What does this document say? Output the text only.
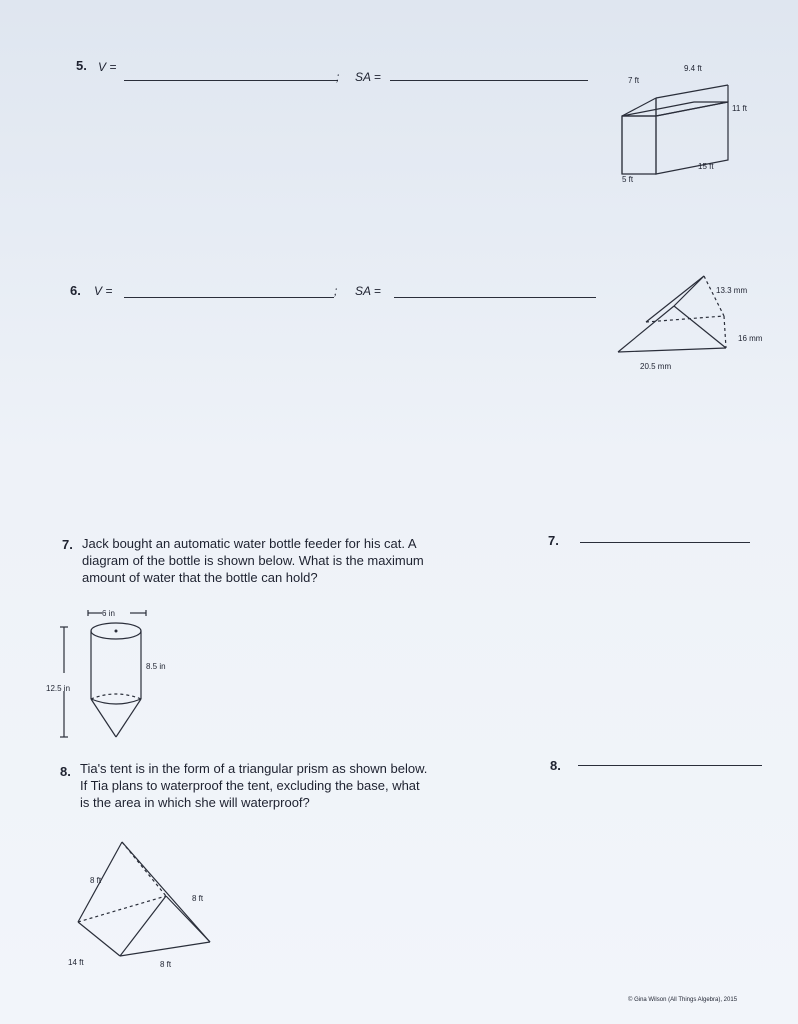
5. V =
; SA =
9.4 ft
7 ft
11 ft
15 ft
5 ft
6. V =	; SA =	13.3 mm
16 mm
20.5 mm
7. Jack bought an automatic water bottle feeder for his cat. A
diagram of the bottle is shown below. What is the maximum
amount of water that the bottle can hold?
7.
6 in
8.5 in
12.5 in
8. Tia's tent is in the form of a triangular prism as shown below.
If Tia plans to waterproof the tent, excluding the base, what
is the area in which she will waterproof?
8.
8 ft
8 ft
14 ft	8 ft
© Gina Wilson (All Things Algebra), 2015
